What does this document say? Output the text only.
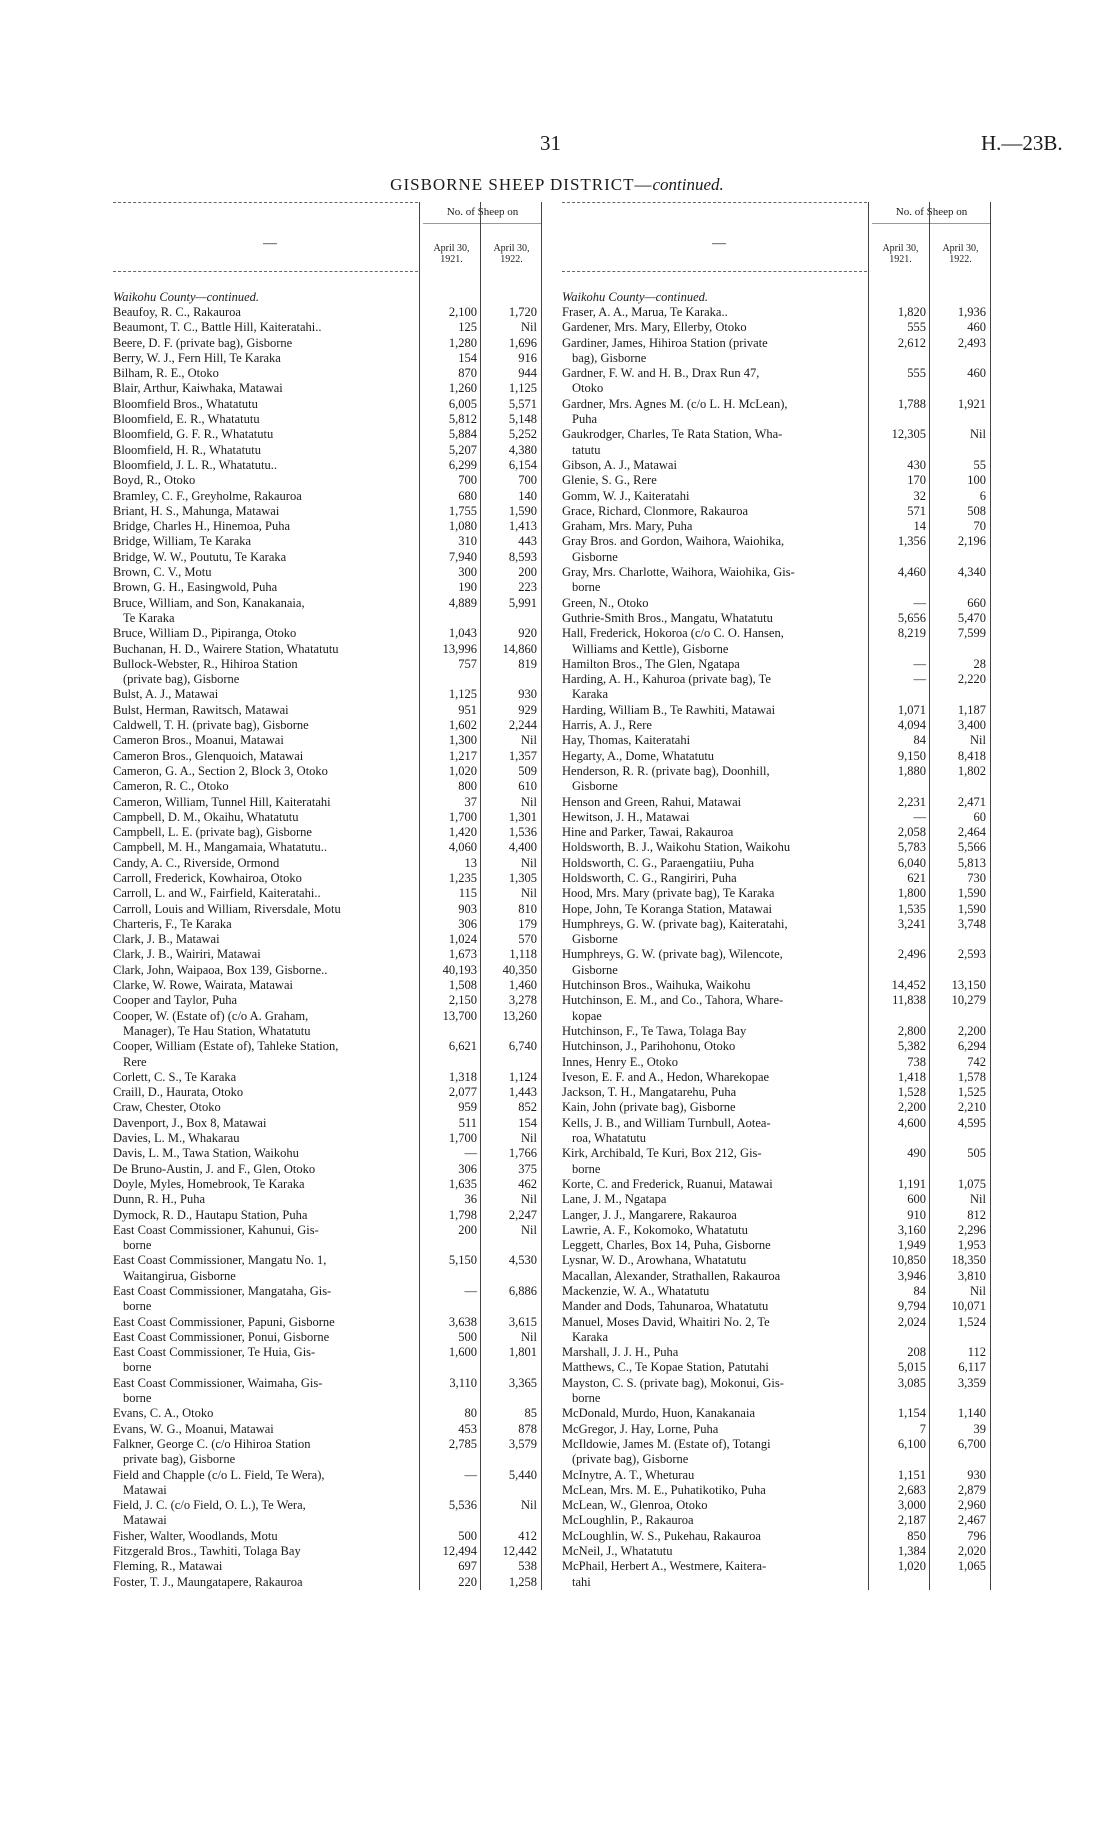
31	H.—23B.
GISBORNE SHEEP DISTRICT—continued.
—
No. of Sheep on
April 30, 1921.
April 30, 1922.
Waikohu County—continued.
Beaufoy, R. C., Rakauroa	2,100	1,720
Beaumont, T. C., Battle Hill, Kaiteratahi..	125	Nil
Beere, D. F. (private bag), Gisborne	1,280	1,696
Berry, W. J., Fern Hill, Te Karaka	154	916
Bilham, R. E., Otoko	870	944
Blair, Arthur, Kaiwhaka, Matawai	1,260	1,125
Bloomfield Bros., Whatatutu	6,005	5,571
Bloomfield, E. R., Whatatutu	5,812	5,148
Bloomfield, G. F. R., Whatatutu	5,884	5,252
Bloomfield, H. R., Whatatutu	5,207	4,380
Bloomfield, J. L. R., Whatatutu..	6,299	6,154
Boyd, R., Otoko	700	700
Bramley, C. F., Greyholme, Rakauroa	680	140
Briant, H. S., Mahunga, Matawai	1,755	1,590
Bridge, Charles H., Hinemoa, Puha	1,080	1,413
Bridge, William, Te Karaka	310	443
Bridge, W. W., Poututu, Te Karaka	7,940	8,593
Brown, C. V., Motu	300	200
Brown, G. H., Easingwold, Puha	190	223
Bruce, William, and Son, Kanakanaia,
Te Karaka
4,889	5,991
Bruce, William D., Pipiranga, Otoko	1,043	920
Buchanan, H. D., Wairere Station, Whatatutu	13,996	14,860
Bullock-Webster, R., Hihiroa Station
(private bag), Gisborne
757	819
Bulst, A. J., Matawai	1,125	930
Bulst, Herman, Rawitsch, Matawai	951	929
Caldwell, T. H. (private bag), Gisborne	1,602	2,244
Cameron Bros., Moanui, Matawai	1,300	Nil
Cameron Bros., Glenquoich, Matawai	1,217	1,357
Cameron, G. A., Section 2, Block 3, Otoko	1,020	509
Cameron, R. C., Otoko	800	610
Cameron, William, Tunnel Hill, Kaiteratahi	37	Nil
Campbell, D. M., Okaihu, Whatatutu	1,700	1,301
Campbell, L. E. (private bag), Gisborne	1,420	1,536
Campbell, M. H., Mangamaia, Whatatutu..	4,060	4,400
Candy, A. C., Riverside, Ormond	13	Nil
Carroll, Frederick, Kowhairoa, Otoko	1,235	1,305
Carroll, L. and W., Fairfield, Kaiteratahi..	115	Nil
Carroll, Louis and William, Riversdale, Motu	903	810
Charteris, F., Te Karaka	306	179
Clark, J. B., Matawai	1,024	570
Clark, J. B., Wairiri, Matawai	1,673	1,118
Clark, John, Waipaoa, Box 139, Gisborne..	40,193	40,350
Clarke, W. Rowe, Wairata, Matawai	1,508	1,460
Cooper and Taylor, Puha	2,150	3,278
Cooper, W. (Estate of) (c/o A. Graham,
Manager), Te Hau Station, Whatatutu
13,700	13,260
Cooper, William (Estate of), Tahleke Station,
Rere
6,621	6,740
Corlett, C. S., Te Karaka	1,318	1,124
Craill, D., Haurata, Otoko	2,077	1,443
Craw, Chester, Otoko	959	852
Davenport, J., Box 8, Matawai	511	154
Davies, L. M., Whakarau	1,700	Nil
Davis, L. M., Tawa Station, Waikohu	—	1,766
De Bruno-Austin, J. and F., Glen, Otoko	306	375
Doyle, Myles, Homebrook, Te Karaka	1,635	462
Dunn, R. H., Puha	36	Nil
Dymock, R. D., Hautapu Station, Puha	1,798	2,247
East Coast Commissioner, Kahunui, Gis-
borne
200	Nil
East Coast Commissioner, Mangatu No. 1,
Waitangirua, Gisborne
5,150	4,530
East Coast Commissioner, Mangataha, Gis-
borne
—	6,886
East Coast Commissioner, Papuni, Gisborne	3,638	3,615
East Coast Commissioner, Ponui, Gisborne	500	Nil
East Coast Commissioner, Te Huia, Gis-
borne
1,600	1,801
East Coast Commissioner, Waimaha, Gis-
borne
3,110	3,365
Evans, C. A., Otoko	80	85
Evans, W. G., Moanui, Matawai	453	878
Falkner, George C. (c/o Hihiroa Station
private bag), Gisborne
2,785	3,579
Field and Chapple (c/o L. Field, Te Wera),
Matawai
—	5,440
Field, J. C. (c/o Field, O. L.), Te Wera,
Matawai
5,536	Nil
Fisher, Walter, Woodlands, Motu	500	412
Fitzgerald Bros., Tawhiti, Tolaga Bay	12,494	12,442
Fleming, R., Matawai	697	538
Foster, T. J., Maungatapere, Rakauroa	220	1,258
—
No. of Sheep on
April 30, 1921.
April 30, 1922.
Waikohu County—continued.
Fraser, A. A., Marua, Te Karaka..	1,820	1,936
Gardener, Mrs. Mary, Ellerby, Otoko	555	460
Gardiner, James, Hihiroa Station (private
bag), Gisborne
2,612	2,493
Gardner, F. W. and H. B., Drax Run 47,
Otoko
555	460
Gardner, Mrs. Agnes M. (c/o L. H. McLean),
Puha
1,788	1,921
Gaukrodger, Charles, Te Rata Station, Wha-
tatutu
12,305	Nil
Gibson, A. J., Matawai	430	55
Glenie, S. G., Rere	170	100
Gomm, W. J., Kaiteratahi	32	6
Grace, Richard, Clonmore, Rakauroa	571	508
Graham, Mrs. Mary, Puha	14	70
Gray Bros. and Gordon, Waihora, Waiohika,
Gisborne
1,356	2,196
Gray, Mrs. Charlotte, Waihora, Waiohika, Gis-
borne
4,460	4,340
Green, N., Otoko	—	660
Guthrie-Smith Bros., Mangatu, Whatatutu	5,656	5,470
Hall, Frederick, Hokoroa (c/o C. O. Hansen,
Williams and Kettle), Gisborne
8,219	7,599
Hamilton Bros., The Glen, Ngatapa	—	28
Harding, A. H., Kahuroa (private bag), Te
Karaka
—	2,220
Harding, William B., Te Rawhiti, Matawai	1,071	1,187
Harris, A. J., Rere	4,094	3,400
Hay, Thomas, Kaiteratahi	84	Nil
Hegarty, A., Dome, Whatatutu	9,150	8,418
Henderson, R. R. (private bag), Doonhill,
Gisborne
1,880	1,802
Henson and Green, Rahui, Matawai	2,231	2,471
Hewitson, J. H., Matawai	—	60
Hine and Parker, Tawai, Rakauroa	2,058	2,464
Holdsworth, B. J., Waikohu Station, Waikohu	5,783	5,566
Holdsworth, C. G., Paraengatiiu, Puha	6,040	5,813
Holdsworth, C. G., Rangiriri, Puha	621	730
Hood, Mrs. Mary (private bag), Te Karaka	1,800	1,590
Hope, John, Te Koranga Station, Matawai	1,535	1,590
Humphreys, G. W. (private bag), Kaiteratahi,
Gisborne
3,241	3,748
Humphreys, G. W. (private bag), Wilencote,
Gisborne
2,496	2,593
Hutchinson Bros., Waihuka, Waikohu	14,452	13,150
Hutchinson, E. M., and Co., Tahora, Whare-
kopae
11,838	10,279
Hutchinson, F., Te Tawa, Tolaga Bay	2,800	2,200
Hutchinson, J., Parihohonu, Otoko	5,382	6,294
Innes, Henry E., Otoko	738	742
Iveson, E. F. and A., Hedon, Wharekopae	1,418	1,578
Jackson, T. H., Mangatarehu, Puha	1,528	1,525
Kain, John (private bag), Gisborne	2,200	2,210
Kells, J. B., and William Turnbull, Aotea-
roa, Whatatutu
4,600	4,595
Kirk, Archibald, Te Kuri, Box 212, Gis-
borne
490	505
Korte, C. and Frederick, Ruanui, Matawai	1,191	1,075
Lane, J. M., Ngatapa	600	Nil
Langer, J. J., Mangarere, Rakauroa	910	812
Lawrie, A. F., Kokomoko, Whatatutu	3,160	2,296
Leggett, Charles, Box 14, Puha, Gisborne	1,949	1,953
Lysnar, W. D., Arowhana, Whatatutu	10,850	18,350
Macallan, Alexander, Strathallen, Rakauroa	3,946	3,810
Mackenzie, W. A., Whatatutu	84	Nil
Mander and Dods, Tahunaroa, Whatatutu	9,794	10,071
Manuel, Moses David, Whaitiri No. 2, Te
Karaka
2,024	1,524
Marshall, J. J. H., Puha	208	112
Matthews, C., Te Kopae Station, Patutahi	5,015	6,117
Mayston, C. S. (private bag), Mokonui, Gis-
borne
3,085	3,359
McDonald, Murdo, Huon, Kanakanaia	1,154	1,140
McGregor, J. Hay, Lorne, Puha	7	39
McIldowie, James M. (Estate of), Totangi
(private bag), Gisborne
6,100	6,700
McInytre, A. T., Wheturau	1,151	930
McLean, Mrs. M. E., Puhatikotiko, Puha	2,683	2,879
McLean, W., Glenroa, Otoko	3,000	2,960
McLoughlin, P., Rakauroa	2,187	2,467
McLoughlin, W. S., Pukehau, Rakauroa	850	796
McNeil, J., Whatatutu	1,384	2,020
McPhail, Herbert A., Westmere, Kaitera-
tahi
1,020	1,065
